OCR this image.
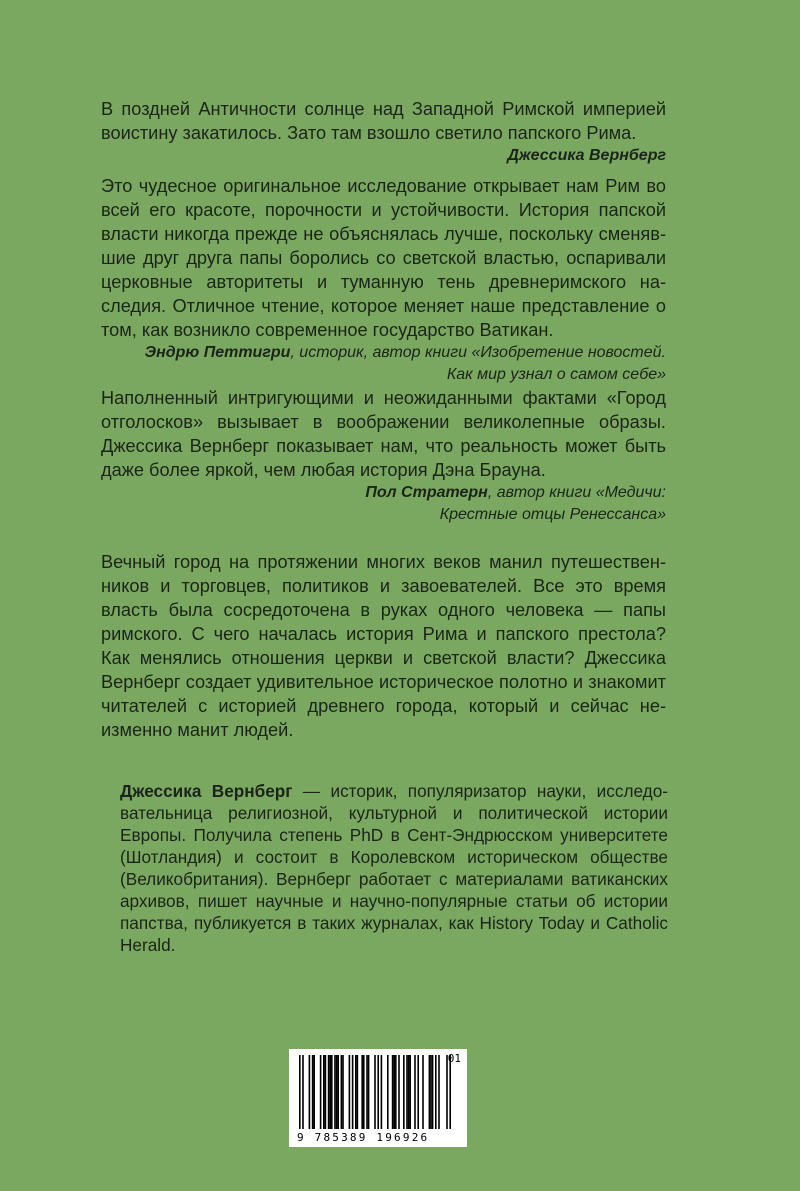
В поздней Античности солнце над Западной Римской империей воистину закатилось. Зато там взошло светило папского Рима.

Джессика Вернберг

Это чудесное оригинальное исследование открывает нам Рим во всей его красоте, порочности и устойчивости. История папской власти никогда прежде не объяснялась лучше, поскольку сменявшие друг друга папы боролись со светской властью, оспаривали церковные авторитеты и туманную тень древнеримского наследия. Отличное чтение, которое меняет наше представление о том, как возникло современное государство Ватикан.

Эндрю Петтигри, историк, автор книги «Изобретение новостей.
Как мир узнал о самом себе»

Наполненный интригующими и неожиданными фактами «Город отголосков» вызывает в воображении великолепные образы. Джессика Вернберг показывает нам, что реальность может быть даже более яркой, чем любая история Дэна Брауна.

Пол Стратерн, автор книги «Медичи:
Крестные отцы Ренессанса»

Вечный город на протяжении многих веков манил путешественников и торговцев, политиков и завоевателей. Все это время власть была сосредоточена в руках одного человека — папы римского. С чего началась история Рима и папского престола? Как менялись отношения церкви и светской власти? Джессика Вернберг создает удивительное историческое полотно и знакомит читателей с историей древнего города, который и сейчас неизменно манит людей.

Джессика Вернберг — историк, популяризатор науки, исследовательница религиозной, культурной и политической истории Европы. Получила степень PhD в Сент-Эндрюсском университете (Шотландия) и состоит в Королевском историческом обществе (Великобритания). Вернберг работает с материалами ватиканских архивов, пишет научные и научно-популярные статьи об истории папства, публикуется в таких журналах, как History Today и Catholic Herald.

01
9 785389 196926
